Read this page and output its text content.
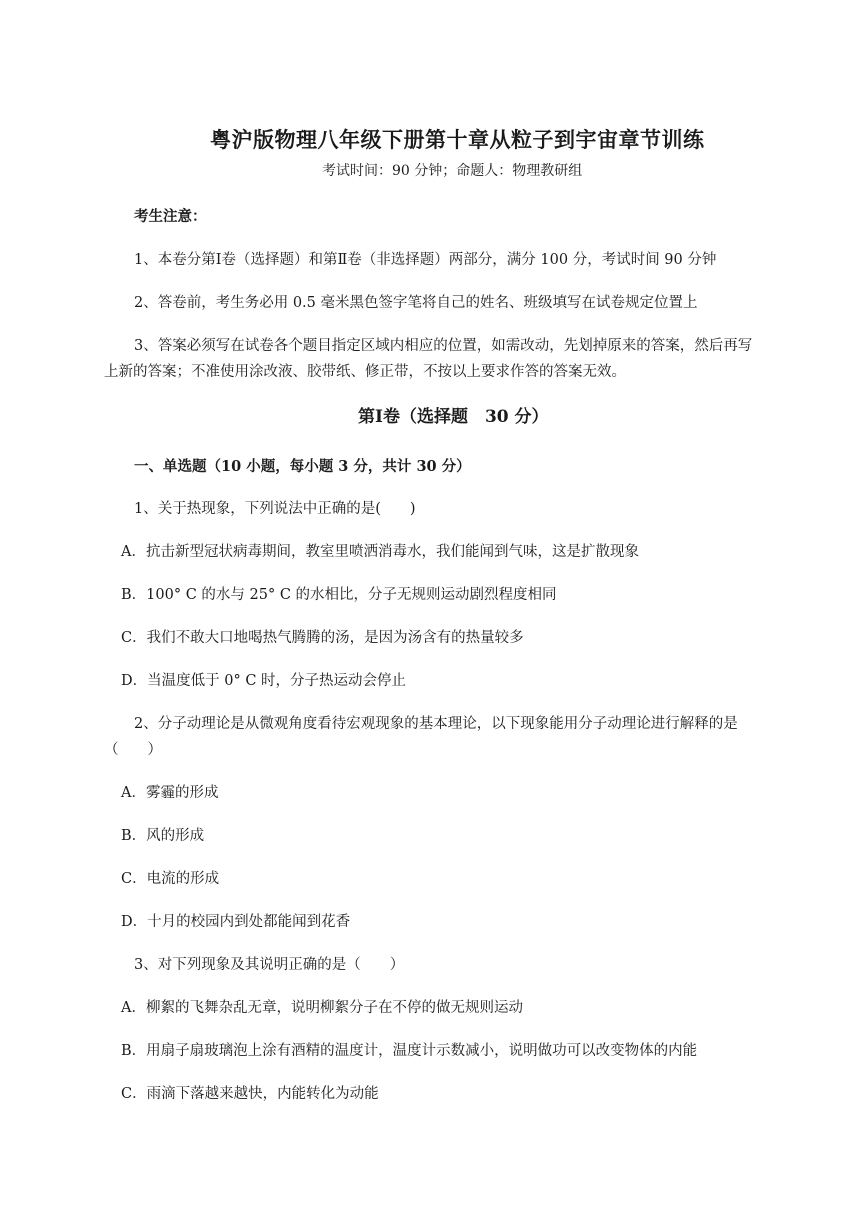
粤沪版物理八年级下册第十章从粒子到宇宙章节训练
考试时间：90 分钟；命题人：物理教研组
考生注意：
1、本卷分第Ⅰ卷（选择题）和第Ⅱ卷（非选择题）两部分，满分 100 分，考试时间 90 分钟
2、答卷前，考生务必用 0.5 毫米黑色签字笔将自己的姓名、班级填写在试卷规定位置上
3、答案必须写在试卷各个题目指定区域内相应的位置，如需改动，先划掉原来的答案，然后再写
上新的答案；不准使用涂改液、胶带纸、修正带，不按以上要求作答的答案无效。
第Ⅰ卷（选择题　30 分）
一、单选题（10 小题，每小题 3 分，共计 30 分）
1、关于热现象，下列说法中正确的是(　　)
A．抗击新型冠状病毒期间，教室里喷洒消毒水，我们能闻到气味，这是扩散现象
B．100° C 的水与 25° C 的水相比，分子无规则运动剧烈程度相同
C．我们不敢大口地喝热气腾腾的汤，是因为汤含有的热量较多
D．当温度低于 0° C 时，分子热运动会停止
2、分子动理论是从微观角度看待宏观现象的基本理论，以下现象能用分子动理论进行解释的是
（　　）
A．雾霾的形成
B．风的形成
C．电流的形成
D．十月的校园内到处都能闻到花香
3、对下列现象及其说明正确的是（　　）
A．柳絮的飞舞杂乱无章，说明柳絮分子在不停的做无规则运动
B．用扇子扇玻璃泡上涂有酒精的温度计，温度计示数减小，说明做功可以改变物体的内能
C．雨滴下落越来越快，内能转化为动能
